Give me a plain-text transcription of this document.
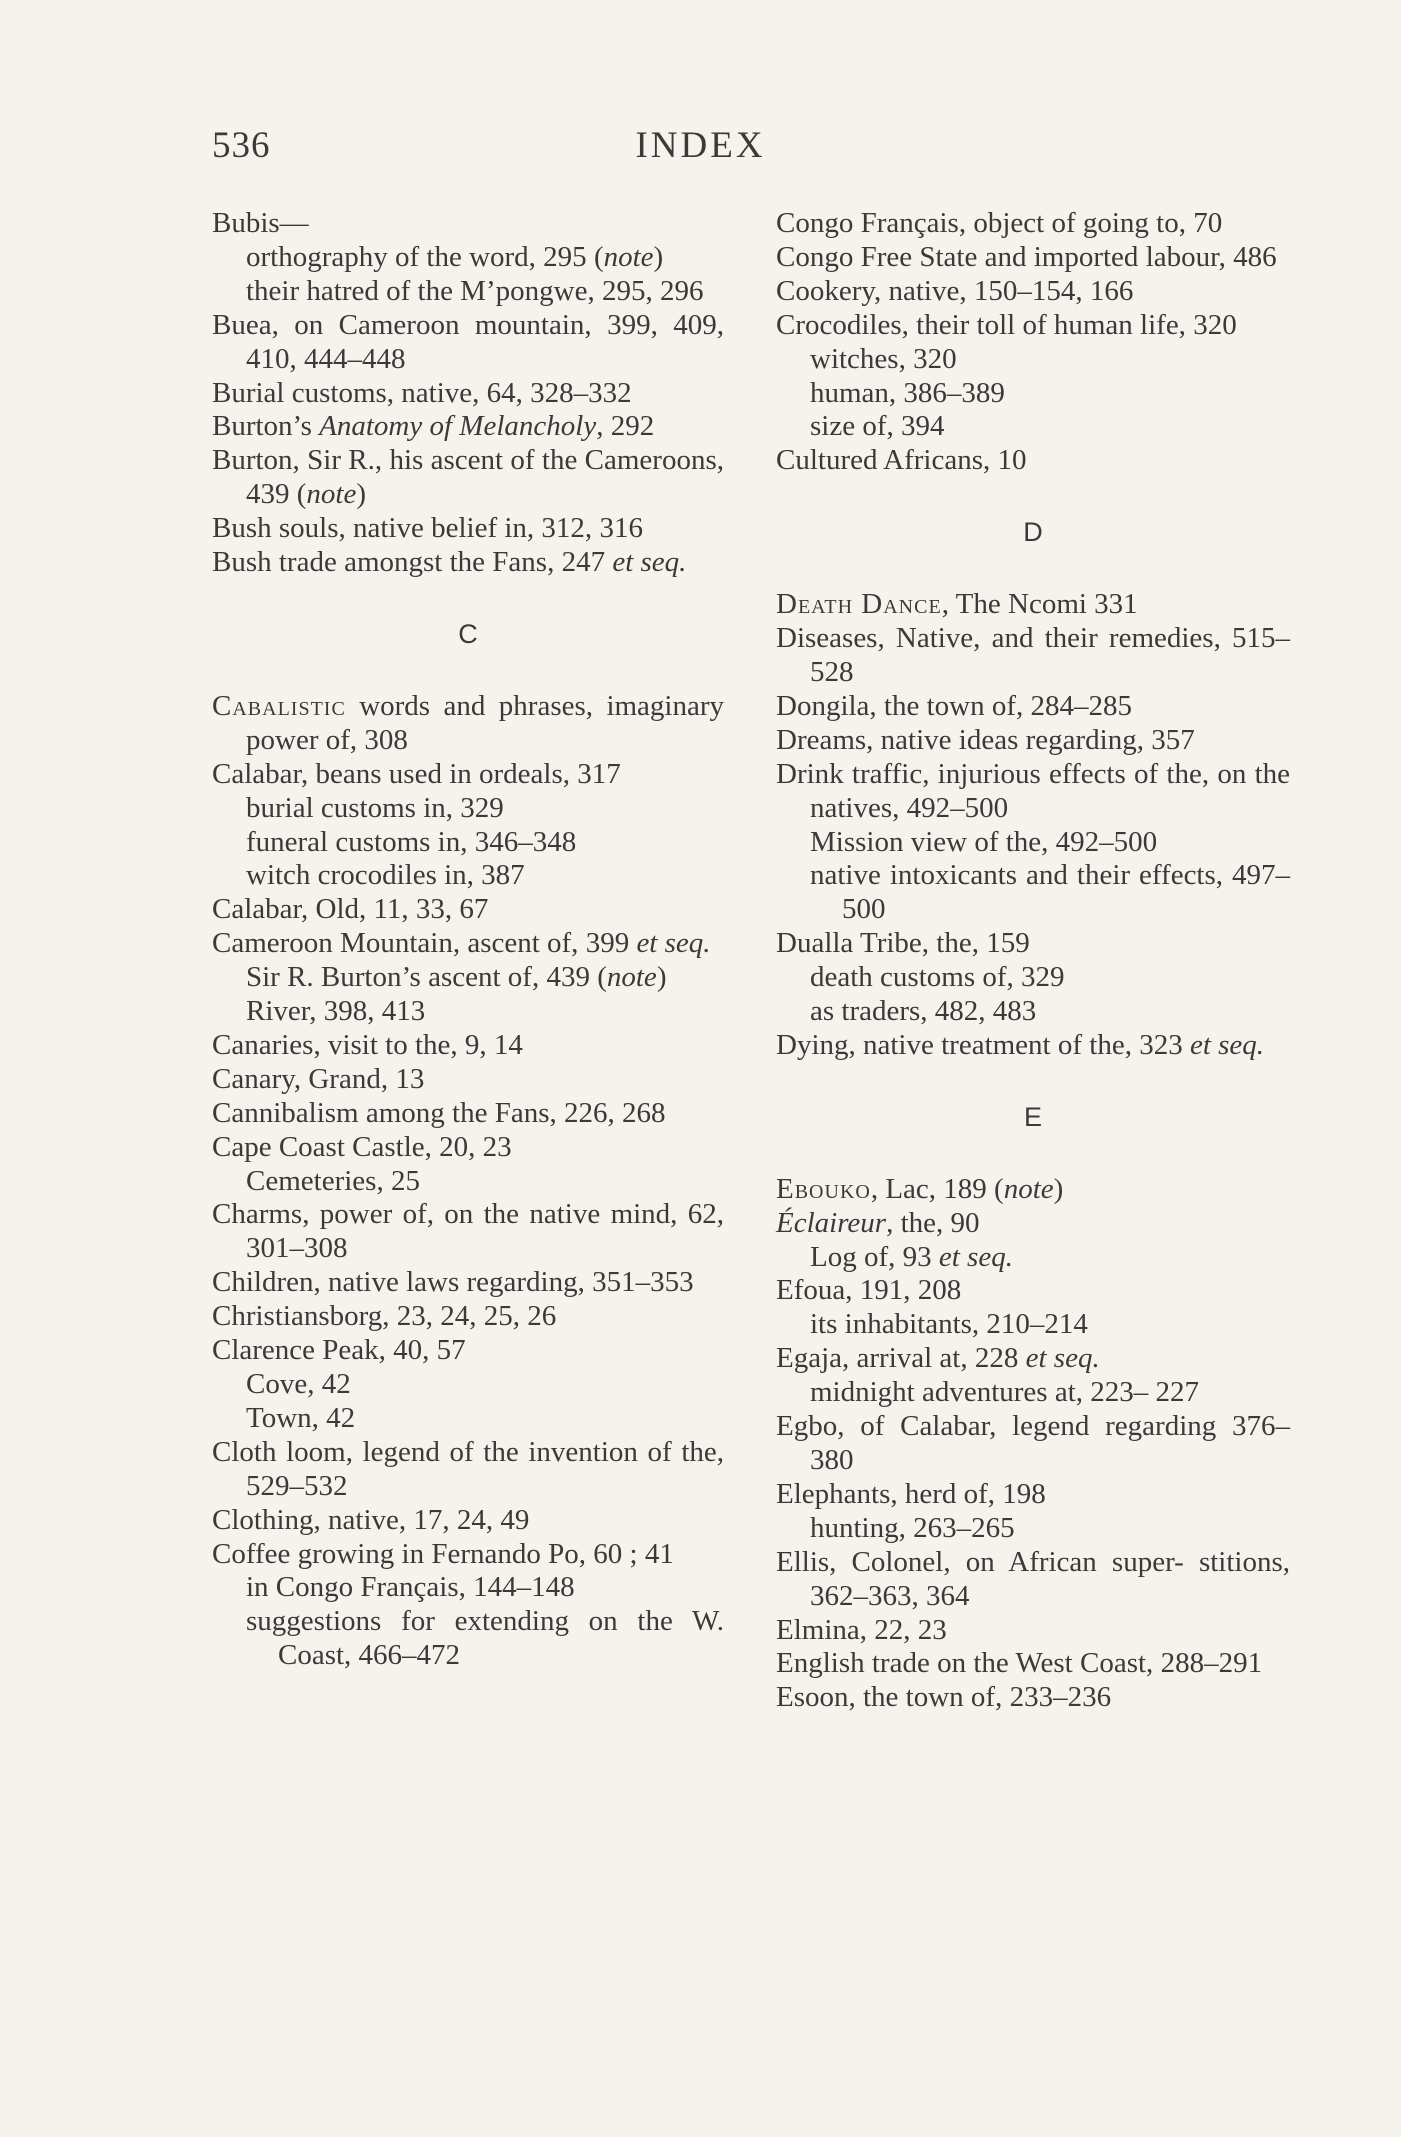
536	INDEX
Bubis—
orthography of the word, 295 (note)
their hatred of the M’pongwe, 295, 296
Buea, on Cameroon mountain, 399, 409, 410, 444–448
Burial customs, native, 64, 328–332
Burton’s Anatomy of Melancholy, 292
Burton, Sir R., his ascent of the Cameroons, 439 (note)
Bush souls, native belief in, 312, 316
Bush trade amongst the Fans, 247 et seq.
C
Cabalistic words and phrases, imaginary power of, 308
Calabar, beans used in ordeals, 317
burial customs in, 329
funeral customs in, 346–348
witch crocodiles in, 387
Calabar, Old, 11, 33, 67
Cameroon Mountain, ascent of, 399 et seq.
Sir R. Burton’s ascent of, 439 (note)
River, 398, 413
Canaries, visit to the, 9, 14
Canary, Grand, 13
Cannibalism among the Fans, 226, 268
Cape Coast Castle, 20, 23
Cemeteries, 25
Charms, power of, on the native mind, 62, 301–308
Children, native laws regarding, 351–353
Christiansborg, 23, 24, 25, 26
Clarence Peak, 40, 57
Cove, 42
Town, 42
Cloth loom, legend of the invention of the, 529–532
Clothing, native, 17, 24, 49
Coffee growing in Fernando Po, 60 ; 41
in Congo Français, 144–148
suggestions for extending on the W. Coast, 466–472
Congo Français, object of going to, 70
Congo Free State and imported labour, 486
Cookery, native, 150–154, 166
Crocodiles, their toll of human life, 320
witches, 320
human, 386–389
size of, 394
Cultured Africans, 10
D
Death Dance, The Ncomi 331
Diseases, Native, and their remedies, 515–528
Dongila, the town of, 284–285
Dreams, native ideas regarding, 357
Drink traffic, injurious effects of the, on the natives, 492–500
Mission view of the, 492–500
native intoxicants and their effects, 497–500
Dualla Tribe, the, 159
death customs of, 329
as traders, 482, 483
Dying, native treatment of the, 323 et seq.
E
Ebouko, Lac, 189 (note)
Éclaireur, the, 90
Log of, 93 et seq.
Efoua, 191, 208
its inhabitants, 210–214
Egaja, arrival at, 228 et seq.
midnight adventures at, 223– 227
Egbo, of Calabar, legend regarding 376–380
Elephants, herd of, 198
hunting, 263–265
Ellis, Colonel, on African super- stitions, 362–363, 364
Elmina, 22, 23
English trade on the West Coast, 288–291
Esoon, the town of, 233–236
